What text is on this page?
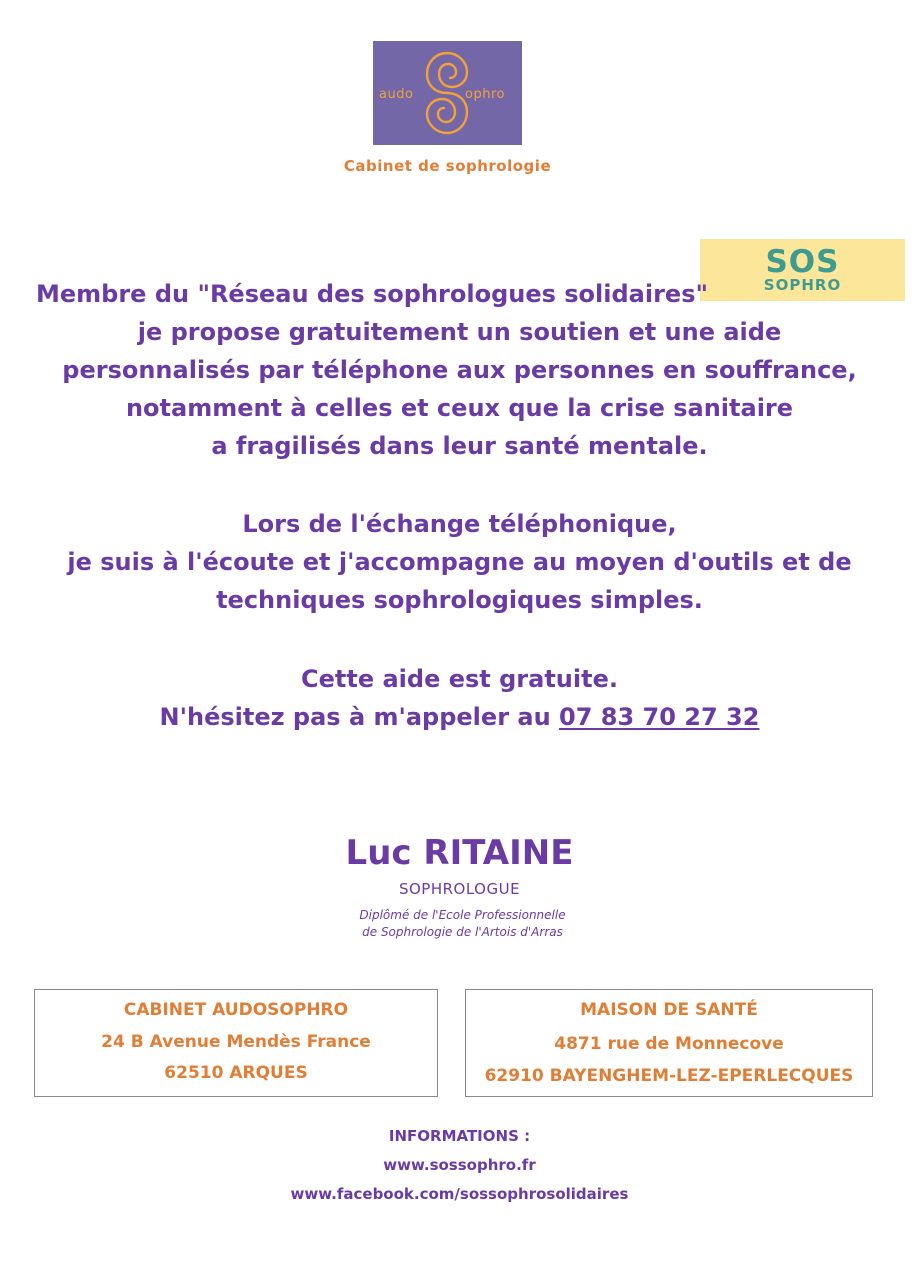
audo	ophro
Cabinet de sophrologie
SOS
SOPHRO
Membre du "Réseau des sophrologues solidaires"
je propose gratuitement un soutien et une aide
personnalisés par téléphone aux personnes en souffrance,
notamment à celles et ceux que la crise sanitaire
a fragilisés dans leur santé mentale.
Lors de l'échange téléphonique,
je suis à l'écoute et j'accompagne au moyen d'outils et de
techniques sophrologiques simples.
Cette aide est gratuite.
N'hésitez pas à m'appeler au 07 83 70 27 32
Luc RITAINE
SOPHROLOGUE
Diplômé de l'Ecole Professionnelle
de Sophrologie de l'Artois d'Arras
CABINET AUDOSOPHRO
24 B Avenue Mendès France
62510 ARQUES
MAISON DE SANTÉ
4871 rue de Monnecove
62910 BAYENGHEM-LEZ-EPERLECQUES
INFORMATIONS :
www.sossophro.fr
www.facebook.com/sossophrosolidaires
